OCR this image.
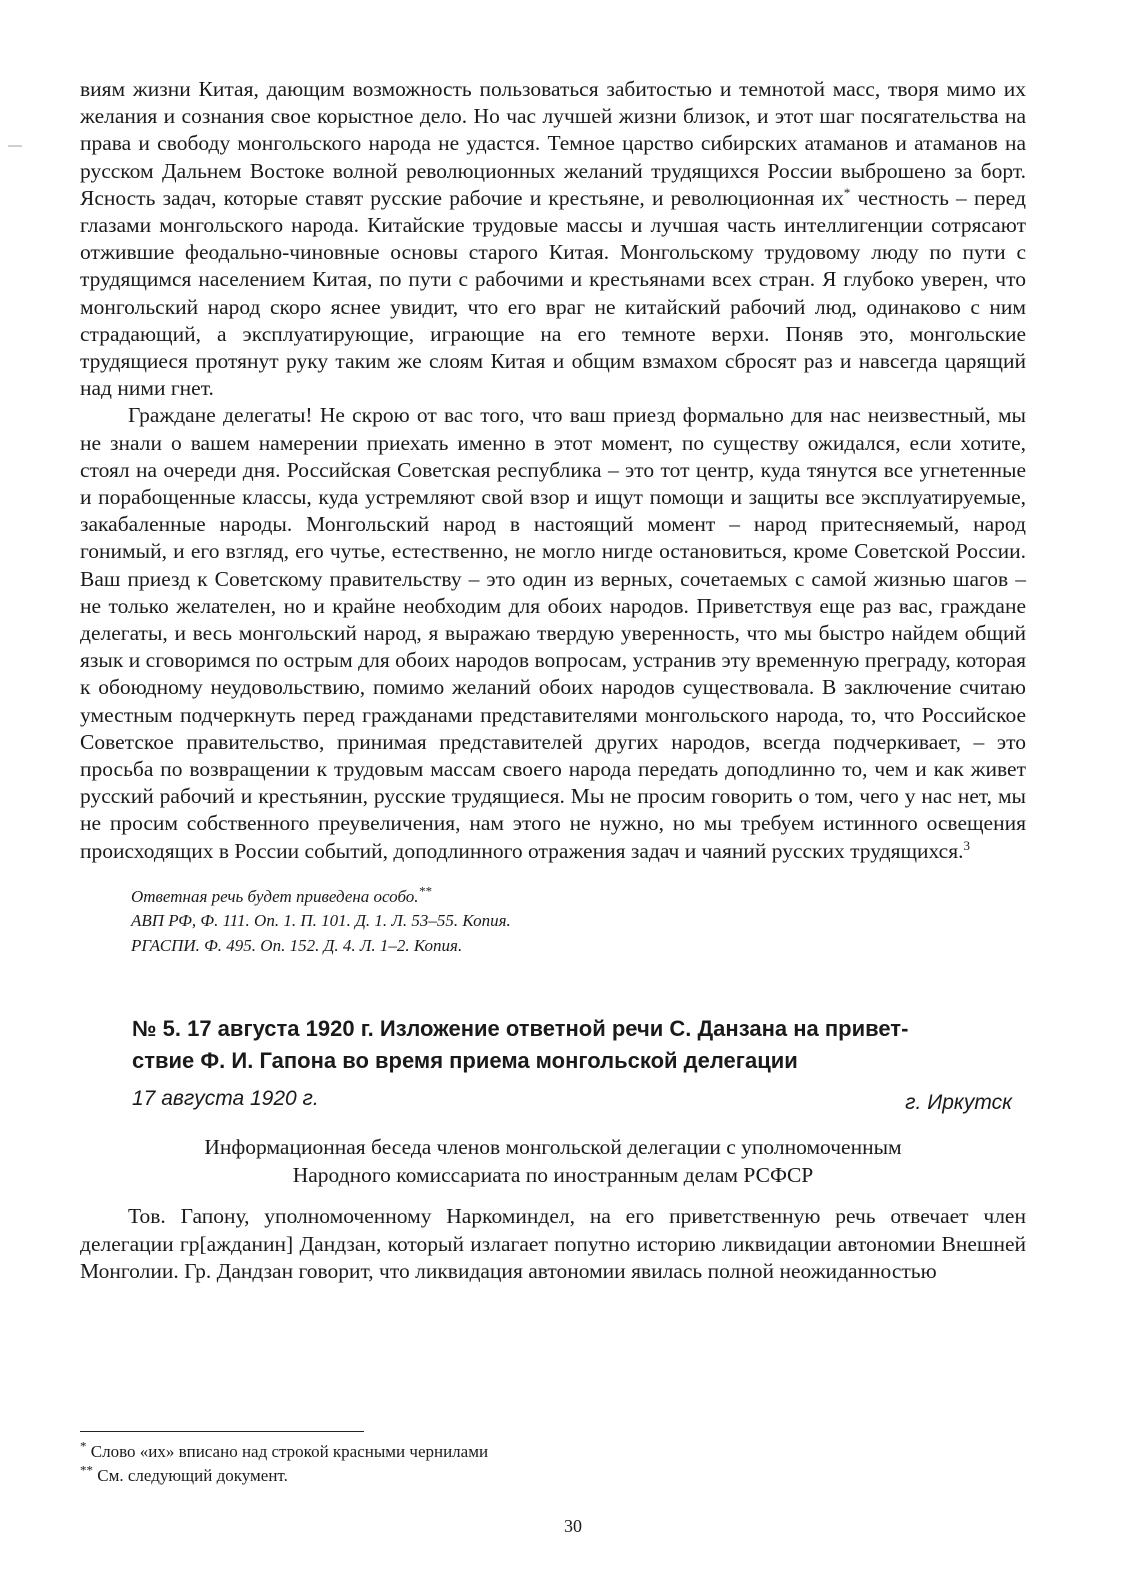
виям жизни Китая, дающим возможность пользоваться забитостью и темнотой масс, творя мимо их желания и сознания свое корыстное дело. Но час лучшей жизни близок, и этот шаг посягательства на права и свободу монгольского народа не удастся. Темное царство сибирских атаманов и атаманов на русском Дальнем Востоке волной революционных желаний трудящихся России выброшено за борт. Ясность задач, которые ставят русские рабочие и крестьяне, и революционная их* честность – перед глазами монгольского народа. Китайские трудовые массы и лучшая часть интеллигенции сотрясают отжившие феодально-чиновные основы старого Китая. Монгольскому трудовому люду по пути с трудящимся населением Китая, по пути с рабочими и крестьянами всех стран. Я глубоко уверен, что монгольский народ скоро яснее увидит, что его враг не китайский рабочий люд, одинаково с ним страдающий, а эксплуатирующие, играющие на его темноте верхи. Поняв это, монгольские трудящиеся протянут руку таким же слоям Китая и общим взмахом сбросят раз и навсегда царящий над ними гнет.

Граждане делегаты! Не скрою от вас того, что ваш приезд формально для нас неизвестный, мы не знали о вашем намерении приехать именно в этот момент, по существу ожидался, если хотите, стоял на очереди дня. Российская Советская республика – это тот центр, куда тянутся все угнетенные и порабощенные классы, куда устремляют свой взор и ищут помощи и защиты все эксплуатируемые, закабаленные народы. Монгольский народ в настоящий момент – народ притесняемый, народ гонимый, и его взгляд, его чутье, естественно, не могло нигде остановиться, кроме Советской России. Ваш приезд к Советскому правительству – это один из верных, сочетаемых с самой жизнью шагов – не только желателен, но и крайне необходим для обоих народов. Приветствуя еще раз вас, граждане делегаты, и весь монгольский народ, я выражаю твердую уверенность, что мы быстро найдем общий язык и сговоримся по острым для обоих народов вопросам, устранив эту временную преграду, которая к обоюдному неудовольствию, помимо желаний обоих народов существовала. В заключение считаю уместным подчеркнуть перед гражданами представителями монгольского народа, то, что Российское Советское правительство, принимая представителей других народов, всегда подчеркивает, – это просьба по возвращении к трудовым массам своего народа передать доподлинно то, чем и как живет русский рабочий и крестьянин, русские трудящиеся. Мы не просим говорить о том, чего у нас нет, мы не просим собственного преувеличения, нам этого не нужно, но мы требуем истинного освещения происходящих в России событий, доподлинного отражения задач и чаяний русских трудящихся.$^3$

Ответная речь будет приведена особо.**
АВП РФ, Ф. 111. Оп. 1. П. 101. Д. 1. Л. 53–55. Копия.
РГАСПИ. Ф. 495. Оп. 152. Д. 4. Л. 1–2. Копия.
№ 5. 17 августа 1920 г. Изложение ответной речи С. Данзана на привет-
ствие Ф. И. Гапона во время приема монгольской делегации
17 августа 1920 г.	г. Иркутск
Информационная беседа членов монгольской делегации с уполномоченным
Народного комиссариата по иностранным делам РСФСР

Тов. Гапону, уполномоченному Наркоминдел, на его приветственную речь отвечает член делегации гр[ажданин] Дандзан, который излагает попутно историю ликвидации автономии Внешней Монголии. Гр. Дандзан говорит, что ликвидация автономии явилась полной неожиданностью

* Слово «их» вписано над строкой красными чернилами
** См. следующий документ.
30
